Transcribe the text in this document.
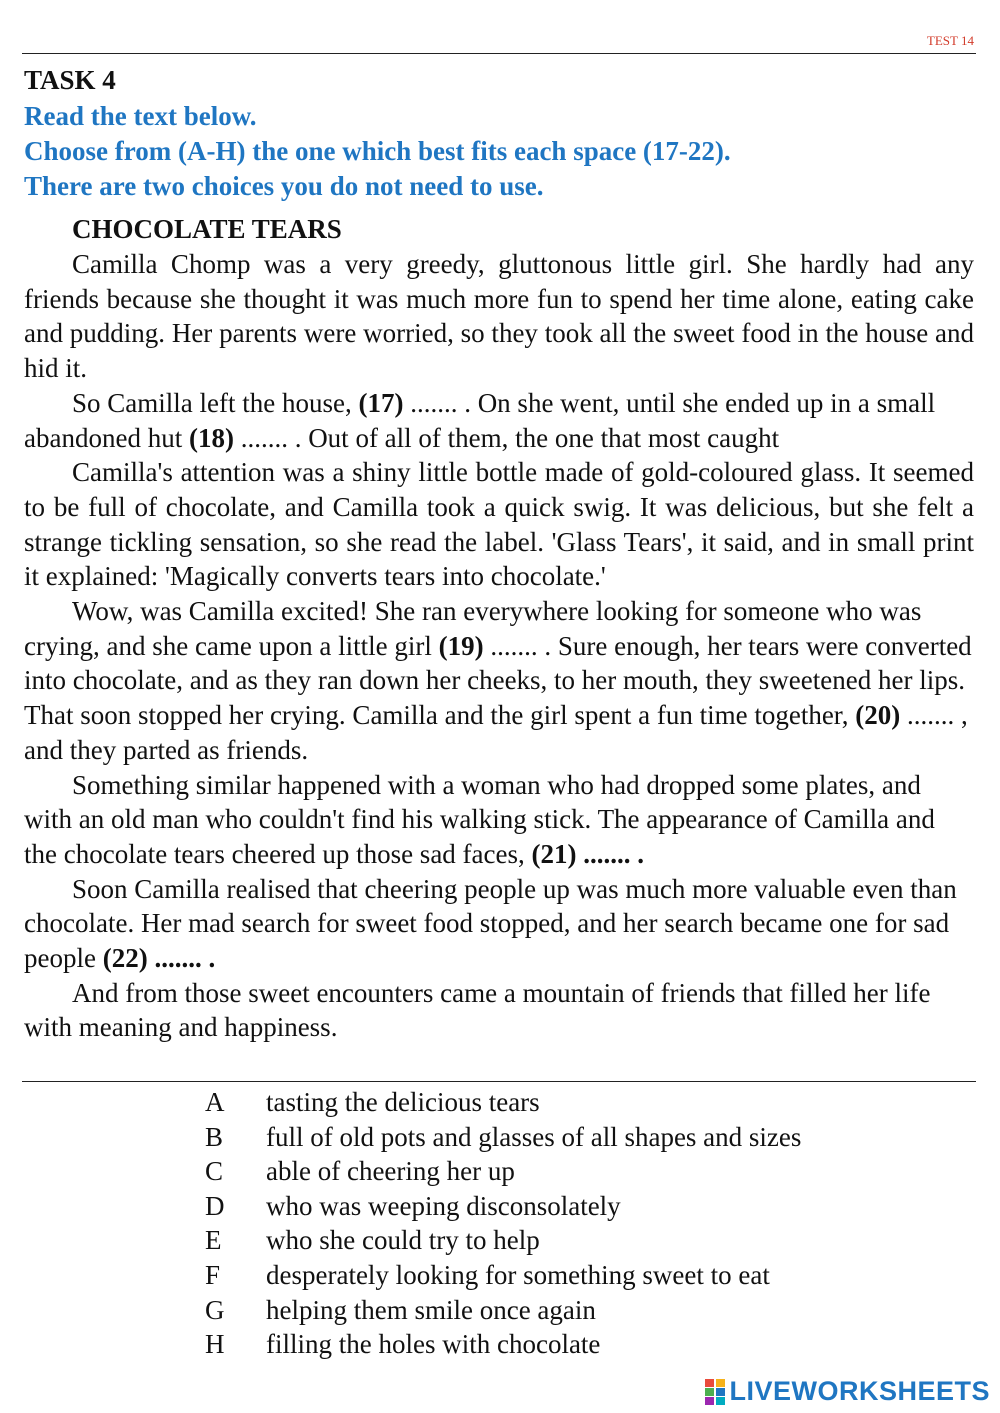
TEST 14
TASK 4
Read the text below.
Choose from (A-H) the one which best fits each space (17-22).
There are two choices you do not need to use.
CHOCOLATE TEARS

Camilla Chomp was a very greedy, gluttonous little girl. She hardly had any friends because she thought it was much more fun to spend her time alone, eating cake and pudding. Her parents were worried, so they took all the sweet food in the house and hid it.

So Camilla left the house, (17) ....... . On she went, until she ended up in a small abandoned hut (18) ....... . Out of all of them, the one that most caught

Camilla's attention was a shiny little bottle made of gold-coloured glass. It seemed to be full of chocolate, and Camilla took a quick swig. It was delicious, but she felt a strange tickling sensation, so she read the label. 'Glass Tears', it said, and in small print it explained: 'Magically converts tears into chocolate.'

Wow, was Camilla excited! She ran everywhere looking for someone who was crying, and she came upon a little girl (19) ....... . Sure enough, her tears were converted into chocolate, and as they ran down her cheeks, to her mouth, they sweetened her lips. That soon stopped her crying. Camilla and the girl spent a fun time together, (20) ....... , and they parted as friends.

Something similar happened with a woman who had dropped some plates, and with an old man who couldn't find his walking stick. The appearance of Camilla and the chocolate tears cheered up those sad faces, (21) ....... .

Soon Camilla realised that cheering people up was much more valuable even than chocolate. Her mad search for sweet food stopped, and her search became one for sad people (22) ....... .

And from those sweet encounters came a mountain of friends that filled her life with meaning and happiness.

A	tasting the delicious tears
B	full of old pots and glasses of all shapes and sizes
C	able of cheering her up
D	who was weeping disconsolately
E	who she could try to help
F	desperately looking for something sweet to eat
G	helping them smile once again
H	filling the holes with chocolate
LIVEWORKSHEETS
